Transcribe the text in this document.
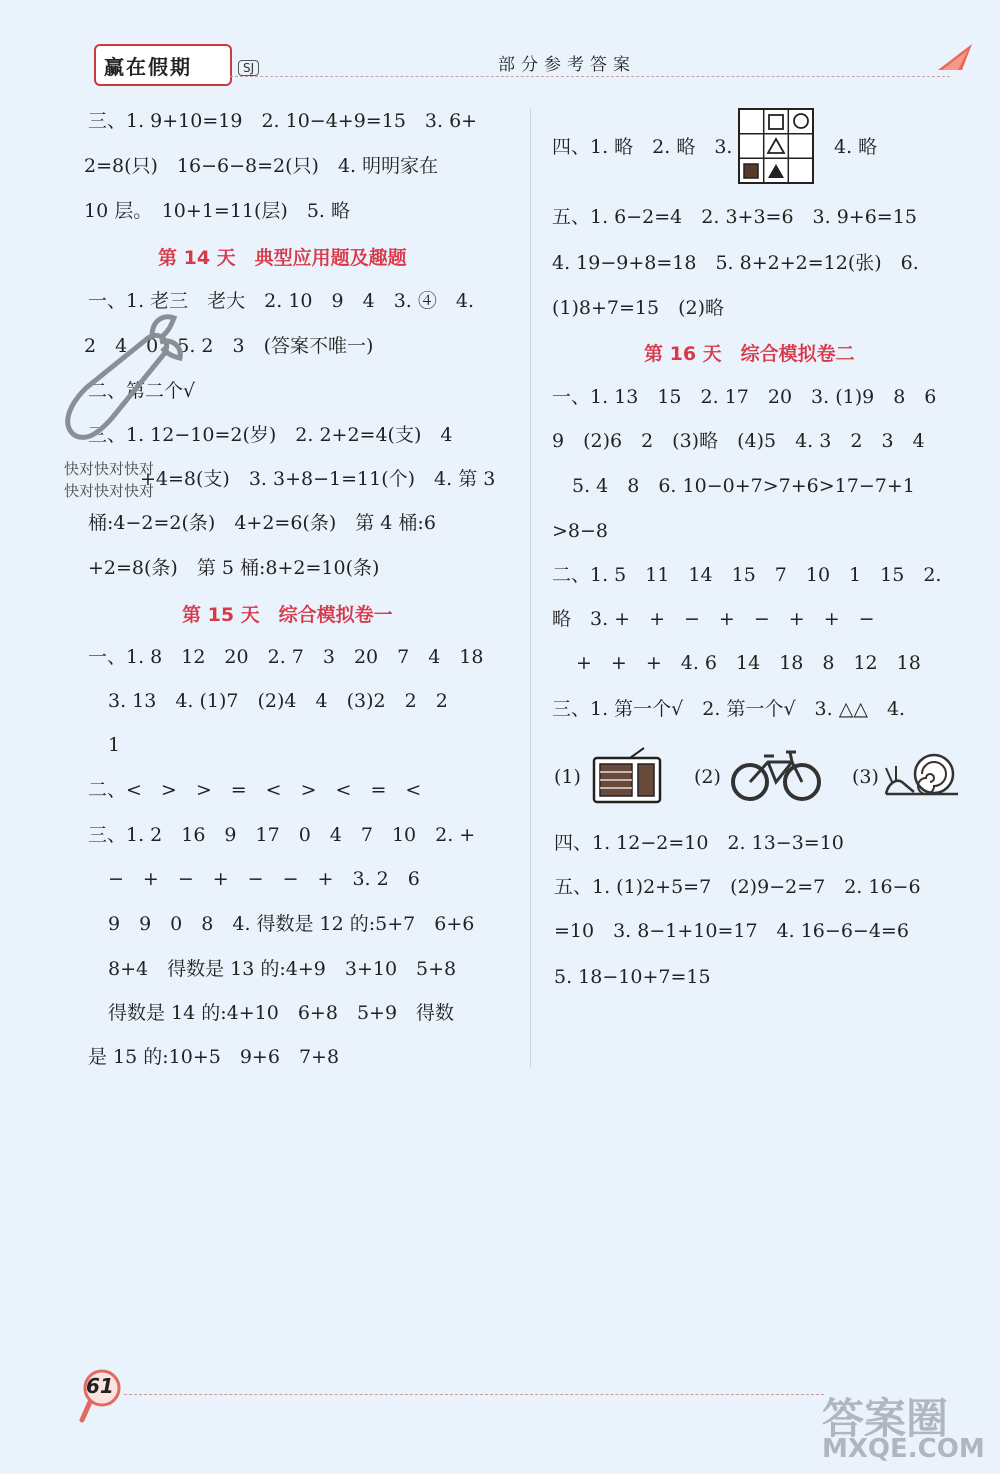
赢在假期	SJ	部分参考答案
三、1. 9+10=19　2. 10−4+9=15　3. 6+
2=8(只)　16−6−8=2(只)　4. 明明家在
10 层。　10+1=11(层)　5. 略
第 14 天　典型应用题及趣题
一、1. 老三　老大　2. 10　9　4　3. ④　4.
2　4　0　5. 2　3　(答案不唯一)
二、第二个√
三、1. 12−10=2(岁)　2. 2+2=4(支)　4
+4=8(支)　3. 3+8−1=11(个)　4. 第 3
桶:4−2=2(条)　4+2=6(条)　第 4 桶:6
+2=8(条)　第 5 桶:8+2=10(条)
第 15 天　综合模拟卷一
一、1. 8　12　20　2. 7　3　20　7　4　18
3. 13　4. (1)7　(2)4　4　(3)2　2　2
1
二、<　>　>　=　<　>　<　=　<
三、1. 2　16　9　17　0　4　7　10　2. +
−　+　−　+　−　−　+　3. 2　6
9　9　0　8　4. 得数是 12 的:5+7　6+6
8+4　得数是 13 的:4+9　3+10　5+8
得数是 14 的:4+10　6+8　5+9　得数
是 15 的:10+5　9+6　7+8
快对快对快对
快对快对快对
四、1. 略　2. 略　3.	4. 略
五、1. 6−2=4　2. 3+3=6　3. 9+6=15
4. 19−9+8=18　5. 8+2+2=12(张)　6.
(1)8+7=15　(2)略
第 16 天　综合模拟卷二
一、1. 13　15　2. 17　20　3. (1)9　8　6
9　(2)6　2　(3)略　(4)5　4. 3　2　3　4
5. 4　8　6. 10−0+7>7+6>17−7+1
>8−8
二、1. 5　11　14　15　7　10　1　15　2.
略　3. +　+　−　+　−　+　+　−
+　+　+　4. 6　14　18　8　12　18
三、1. 第一个√　2. 第一个√　3. △△　4.
(1)	(2)	(3)
四、1. 12−2=10　2. 13−3=10
五、1. (1)2+5=7　(2)9−2=7　2. 16−6
=10　3. 8−1+10=17　4. 16−6−4=6
5. 18−10+7=15
61
答案圈
MXQE.COM
